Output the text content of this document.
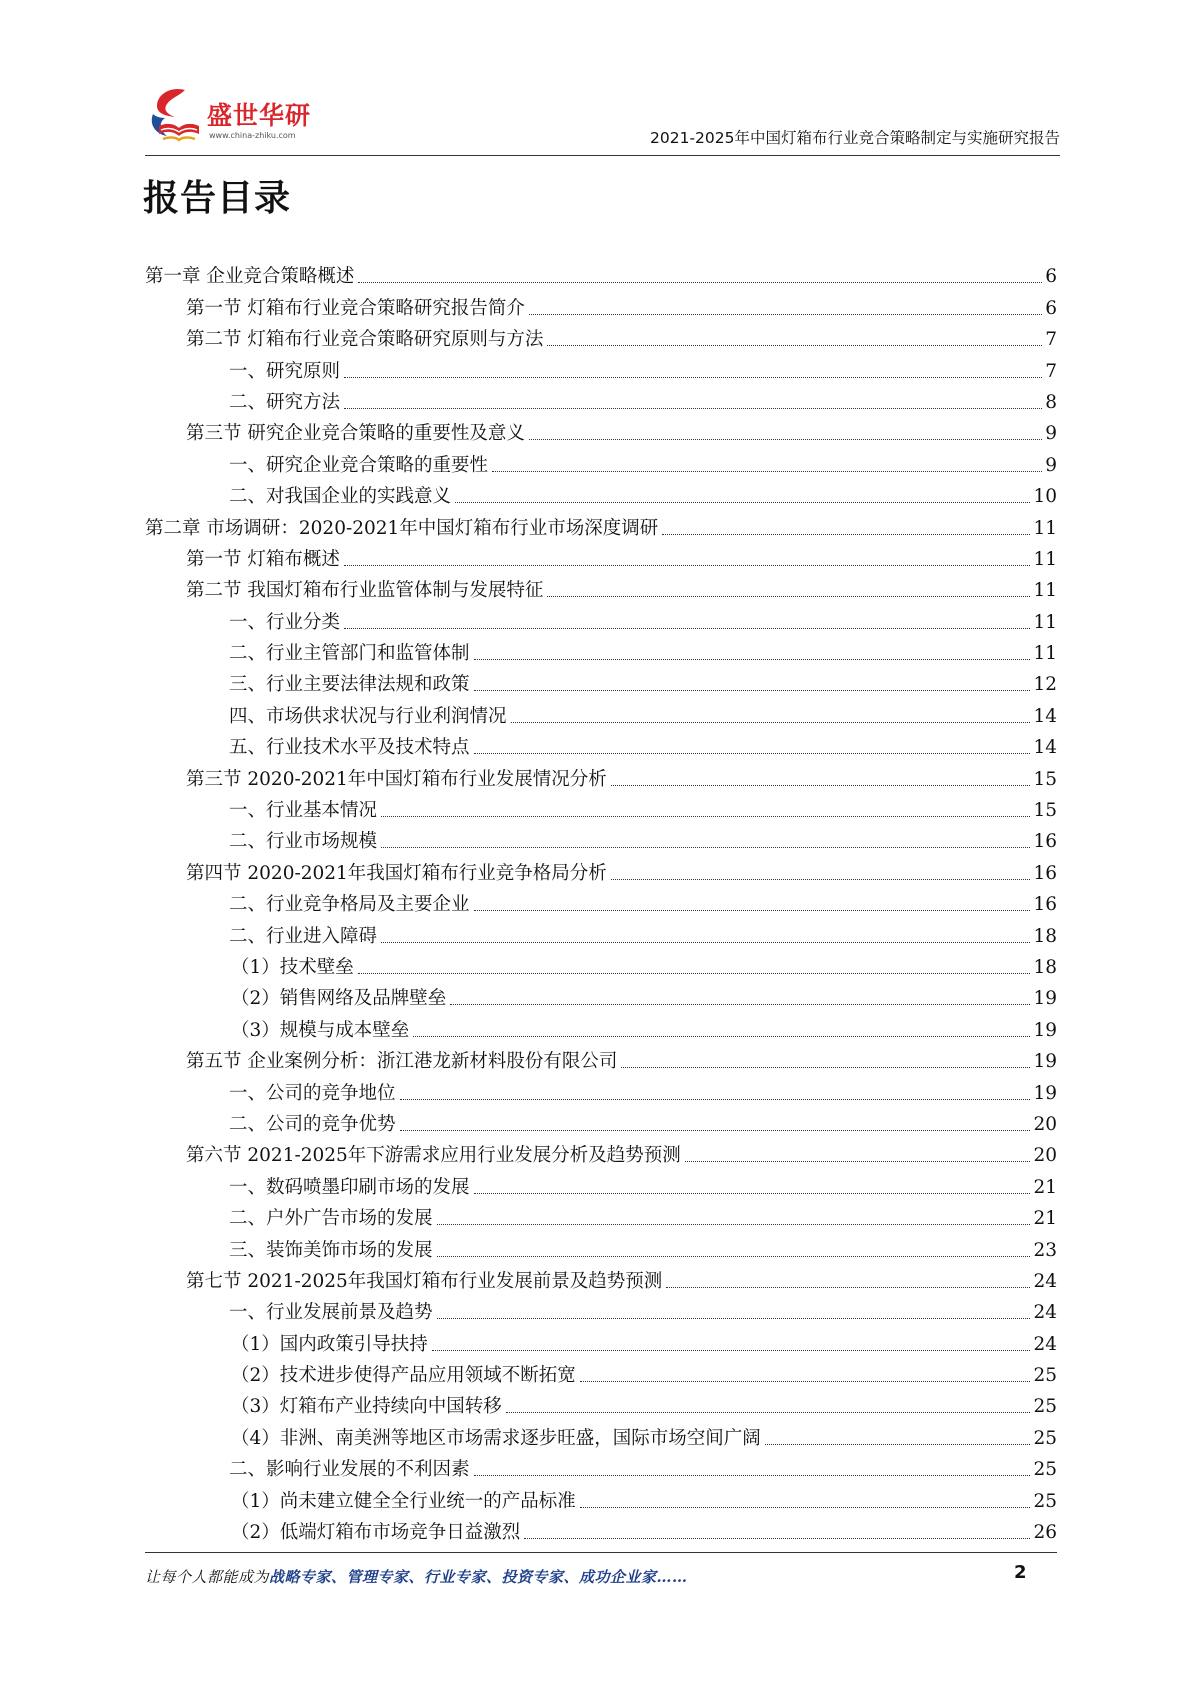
盛世华研
www.china-zhiku.com	2021-2025年中国灯箱布行业竞合策略制定与实施研究报告
报告目录
第一章 企业竞合策略概述	6
第一节 灯箱布行业竞合策略研究报告简介	6
第二节 灯箱布行业竞合策略研究原则与方法	7
一、研究原则	7
二、研究方法	8
第三节 研究企业竞合策略的重要性及意义	9
一、研究企业竞合策略的重要性	9
二、对我国企业的实践意义	10
第二章 市场调研：2020-2021年中国灯箱布行业市场深度调研	11
第一节 灯箱布概述	11
第二节 我国灯箱布行业监管体制与发展特征	11
一、行业分类	11
二、行业主管部门和监管体制	11
三、行业主要法律法规和政策	12
四、市场供求状况与行业利润情况	14
五、行业技术水平及技术特点	14
第三节 2020-2021年中国灯箱布行业发展情况分析	15
一、行业基本情况	15
二、行业市场规模	16
第四节 2020-2021年我国灯箱布行业竞争格局分析	16
二、行业竞争格局及主要企业	16
二、行业进入障碍	18
（1）技术壁垒	18
（2）销售网络及品牌壁垒	19
（3）规模与成本壁垒	19
第五节 企业案例分析：浙江港龙新材料股份有限公司	19
一、公司的竞争地位	19
二、公司的竞争优势	20
第六节 2021-2025年下游需求应用行业发展分析及趋势预测	20
一、数码喷墨印刷市场的发展	21
二、户外广告市场的发展	21
三、装饰美饰市场的发展	23
第七节 2021-2025年我国灯箱布行业发展前景及趋势预测	24
一、行业发展前景及趋势	24
（1）国内政策引导扶持	24
（2）技术进步使得产品应用领域不断拓宽	25
（3）灯箱布产业持续向中国转移	25
（4）非洲、南美洲等地区市场需求逐步旺盛，国际市场空间广阔	25
二、影响行业发展的不利因素	25
（1）尚未建立健全全行业统一的产品标准	25
（2）低端灯箱布市场竞争日益激烈	26
让每个人都能成为战略专家、管理专家、行业专家、投资专家、成功企业家……	2
